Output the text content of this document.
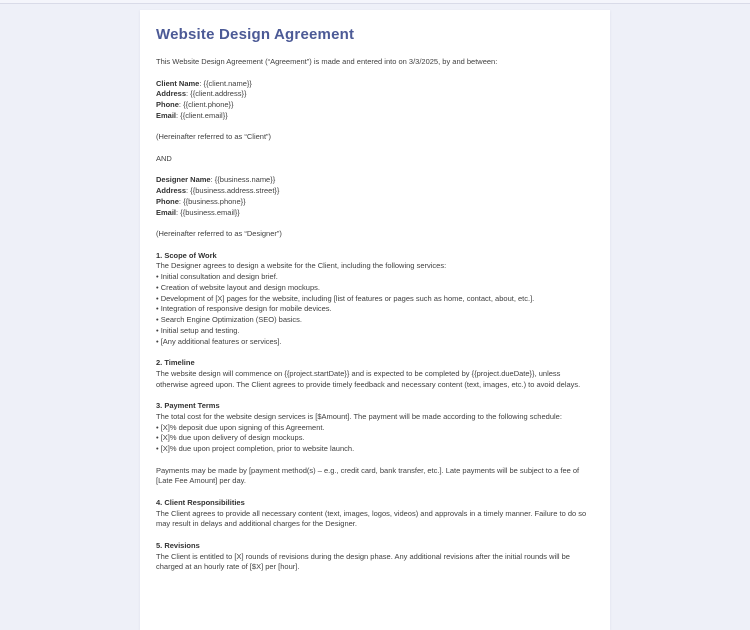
Website Design Agreement

This Website Design Agreement (“Agreement”) is made and entered into on 3/3/2025, by and between:

Client Name: {{client.name}}
Address: {{client.address}}
Phone: {{client.phone}}
Email: {{client.email}}

(Hereinafter referred to as “Client”)

AND

Designer Name: {{business.name}}
Address: {{business.address.street}}
Phone: {{business.phone}}
Email: {{business.email}}

(Hereinafter referred to as “Designer”)

1. Scope of Work
The Designer agrees to design a website for the Client, including the following services:
• Initial consultation and design brief.
• Creation of website layout and design mockups.
• Development of [X] pages for the website, including [list of features or pages such as home, contact, about, etc.].
• Integration of responsive design for mobile devices.
• Search Engine Optimization (SEO) basics.
• Initial setup and testing.
• [Any additional features or services].
2. Timeline
The website design will commence on {{project.startDate}} and is expected to be completed by {{project.dueDate}}, unless otherwise agreed upon. The Client agrees to provide timely feedback and necessary content (text, images, etc.) to avoid delays.
3. Payment Terms
The total cost for the website design services is [$Amount]. The payment will be made according to the following schedule:
• [X]% deposit due upon signing of this Agreement.
• [X]% due upon delivery of design mockups.
• [X]% due upon project completion, prior to website launch.
Payments may be made by [payment method(s) – e.g., credit card, bank transfer, etc.]. Late payments will be subject to a fee of [Late Fee Amount] per day.
4. Client Responsibilities
The Client agrees to provide all necessary content (text, images, logos, videos) and approvals in a timely manner. Failure to do so may result in delays and additional charges for the Designer.
5. Revisions
The Client is entitled to [X] rounds of revisions during the design phase. Any additional revisions after the initial rounds will be charged at an hourly rate of [$X] per [hour].
